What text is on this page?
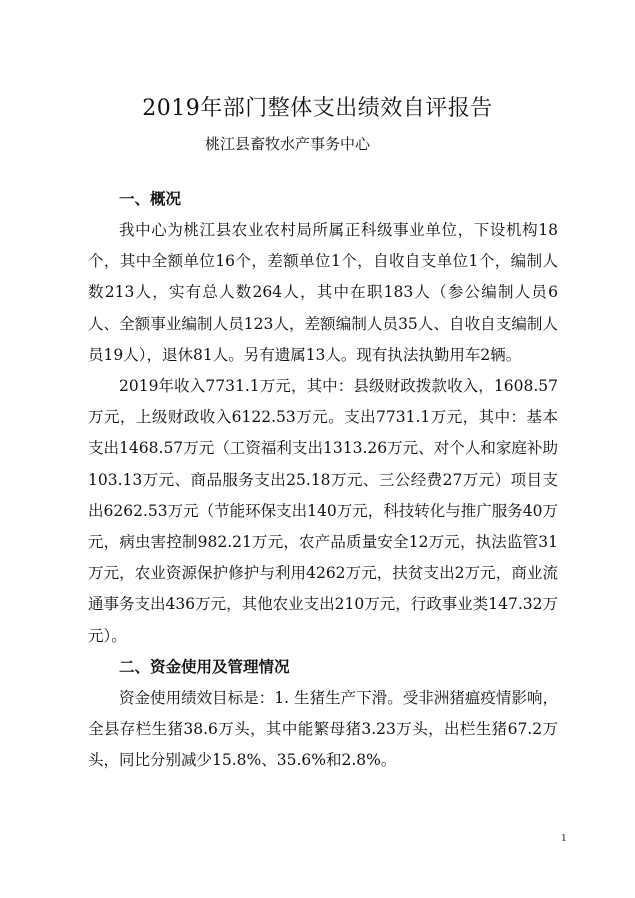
2019年部门整体支出绩效自评报告
桃江县畜牧水产事务中心
一、概况

我中心为桃江县农业农村局所属正科级事业单位，下设机构18个，其中全额单位16个，差额单位1个，自收自支单位1个，编制人数213人，实有总人数264人，其中在职183人（参公编制人员6人、全额事业编制人员123人，差额编制人员35人、自收自支编制人员19人），退休81人。另有遗属13人。现有执法执勤用车2辆。

2019年收入7731.1万元，其中：县级财政拨款收入，1608.57万元，上级财政收入6122.53万元。支出7731.1万元，其中：基本支出1468.57万元（工资福利支出1313.26万元、对个人和家庭补助103.13万元、商品服务支出25.18万元、三公经费27万元）项目支出6262.53万元（节能环保支出140万元，科技转化与推广服务40万元，病虫害控制982.21万元，农产品质量安全12万元，执法监管31万元，农业资源保护修护与利用4262万元，扶贫支出2万元，商业流通事务支出436万元，其他农业支出210万元，行政事业类147.32万元）。

二、资金使用及管理情况

资金使用绩效目标是：1. 生猪生产下滑。受非洲猪瘟疫情影响，全县存栏生猪38.6万头，其中能繁母猪3.23万头，出栏生猪67.2万头，同比分别减少15.8%、35.6%和2.8%。

1
